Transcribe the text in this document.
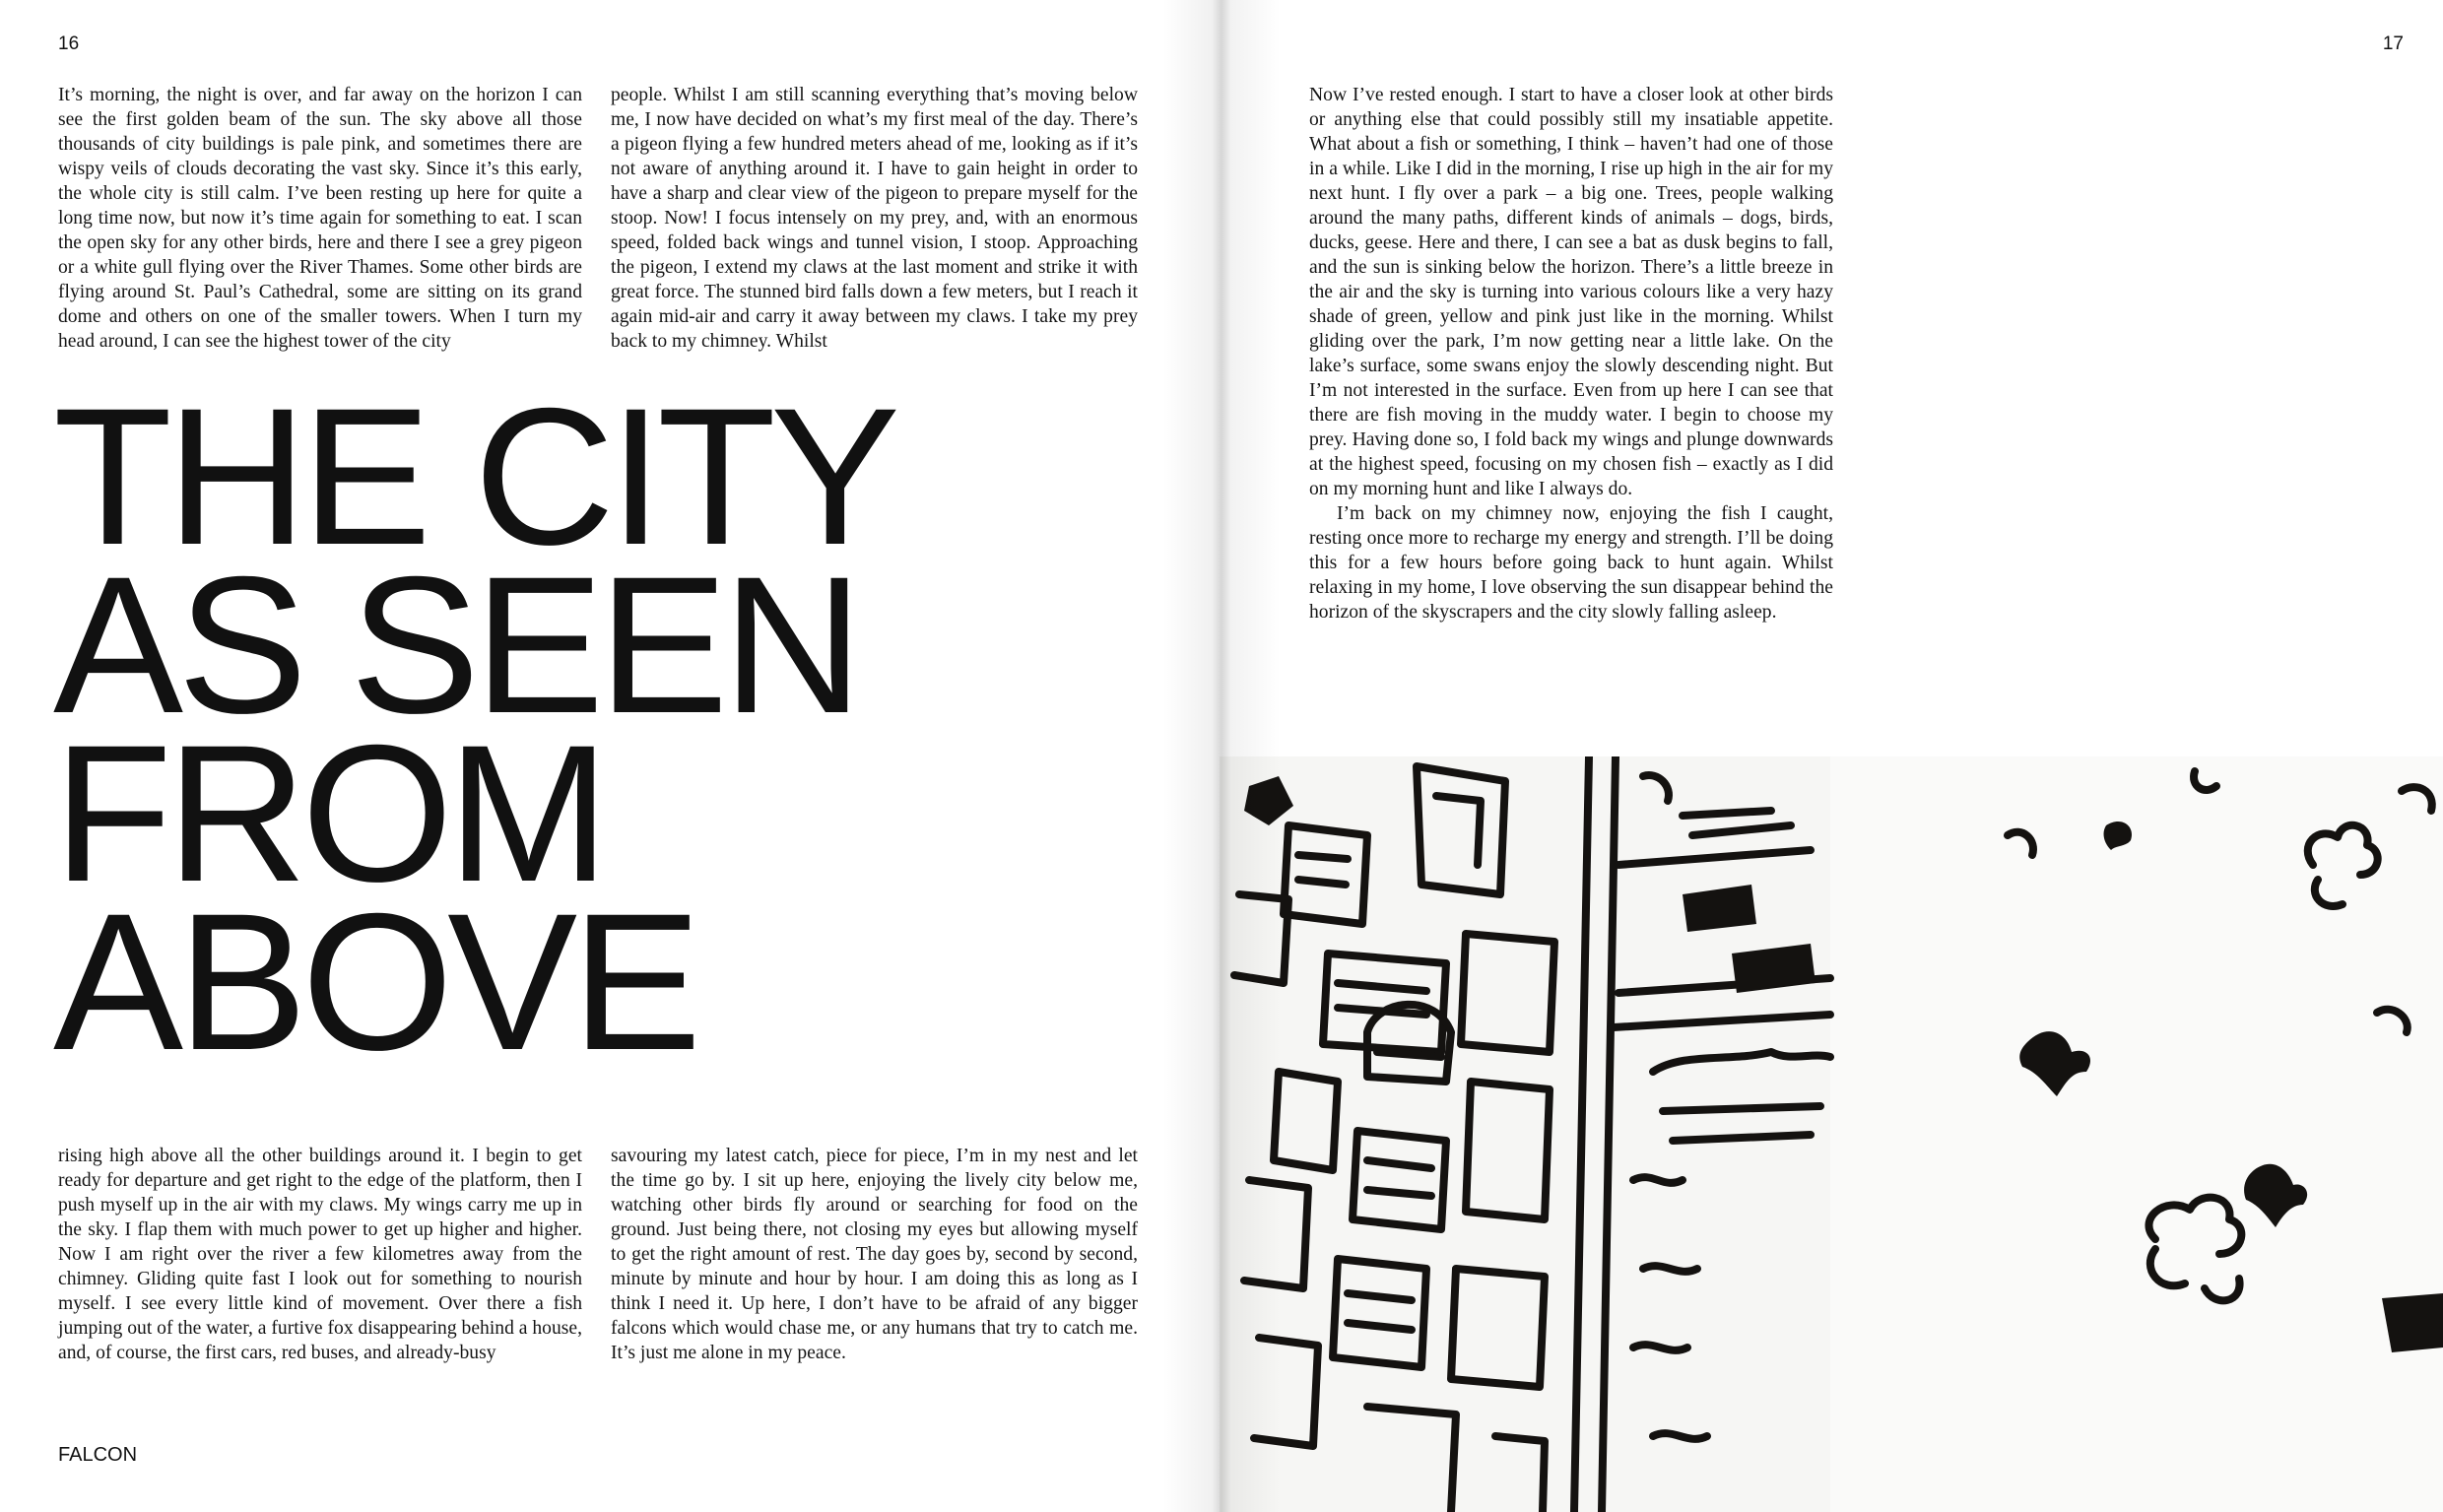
16

It’s morning, the night is over, and far away on the horizon I can see the first golden beam of the sun. The sky above all those thousands of city buildings is pale pink, and sometimes there are wispy veils of clouds decorating the vast sky. Since it’s this early, the whole city is still calm. I’ve been resting up here for quite a long time now, but now it’s time again for something to eat. I scan the open sky for any other birds, here and there I see a grey pigeon or a white gull flying over the River Thames. Some other birds are flying around St. Paul’s Cathedral, some are sitting on its grand dome and others on one of the smaller towers. When I turn my head around, I can see the highest tower of the city

people. Whilst I am still scanning everything that’s moving below me, I now have decided on what’s my first meal of the day. There’s a pigeon flying a few hundred meters ahead of me, looking as if it’s not aware of anything around it. I have to gain height in order to have a sharp and clear view of the pigeon to prepare myself for the stoop. Now! I focus intensely on my prey, and, with an enormous speed, folded back wings and tunnel vision, I stoop. Approaching the pigeon, I extend my claws at the last moment and strike it with great force. The stunned bird falls down a few meters, but I reach it again mid-air and carry it away between my claws. I take my prey back to my chimney. Whilst

THE CITY
AS SEEN
FROM
ABOVE

rising high above all the other buildings around it. I begin to get ready for departure and get right to the edge of the platform, then I push myself up in the air with my claws. My wings carry me up in the sky. I flap them with much power to get up higher and higher. Now I am right over the river a few kilometres away from the chimney. Gliding quite fast I look out for something to nourish myself. I see every little kind of movement. Over there a fish jumping out of the water, a furtive fox disappearing behind a house, and, of course, the first cars, red buses, and already-busy

savouring my latest catch, piece for piece, I’m in my nest and let the time go by. I sit up here, enjoying the lively city below me, watching other birds fly around or searching for food on the ground. Just being there, not closing my eyes but allowing myself to get the right amount of rest. The day goes by, second by second, minute by minute and hour by hour. I am doing this as long as I think I need it. Up here, I don’t have to be afraid of any bigger falcons which would chase me, or any humans that try to catch me. It’s just me alone in my peace.

FALCON
17

Now I’ve rested enough. I start to have a closer look at other birds or anything else that could possibly still my insatiable appetite. What about a fish or something, I think – haven’t had one of those in a while. Like I did in the morning, I rise up high in the air for my next hunt. I fly over a park – a big one. Trees, people walking around the many paths, different kinds of animals – dogs, birds, ducks, geese. Here and there, I can see a bat as dusk begins to fall, and the sun is sinking below the horizon. There’s a little breeze in the air and the sky is turning into various colours like a very hazy shade of green, yellow and pink just like in the morning. Whilst gliding over the park, I’m now getting near a little lake. On the lake’s surface, some swans enjoy the slowly descending night. But I’m not interested in the surface. Even from up here I can see that there are fish moving in the muddy water. I begin to choose my prey. Having done so, I fold back my wings and plunge downwards at the highest speed, focusing on my chosen fish – exactly as I did on my morning hunt and like I always do.

I’m back on my chimney now, enjoying the fish I caught, resting once more to recharge my energy and strength. I’ll be doing this for a few hours before going back to hunt again. Whilst relaxing in my home, I love observing the sun disappear behind the horizon of the skyscrapers and the city slowly falling asleep.
